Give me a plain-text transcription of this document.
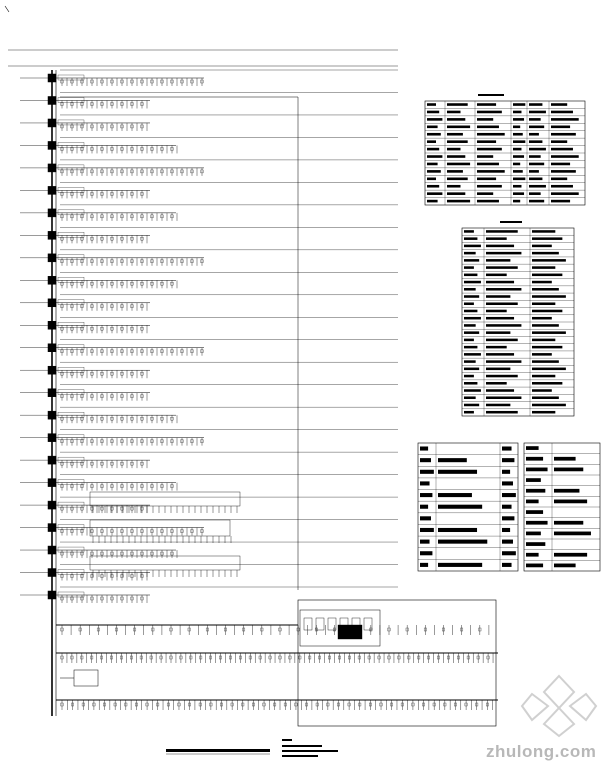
zhulong.com
